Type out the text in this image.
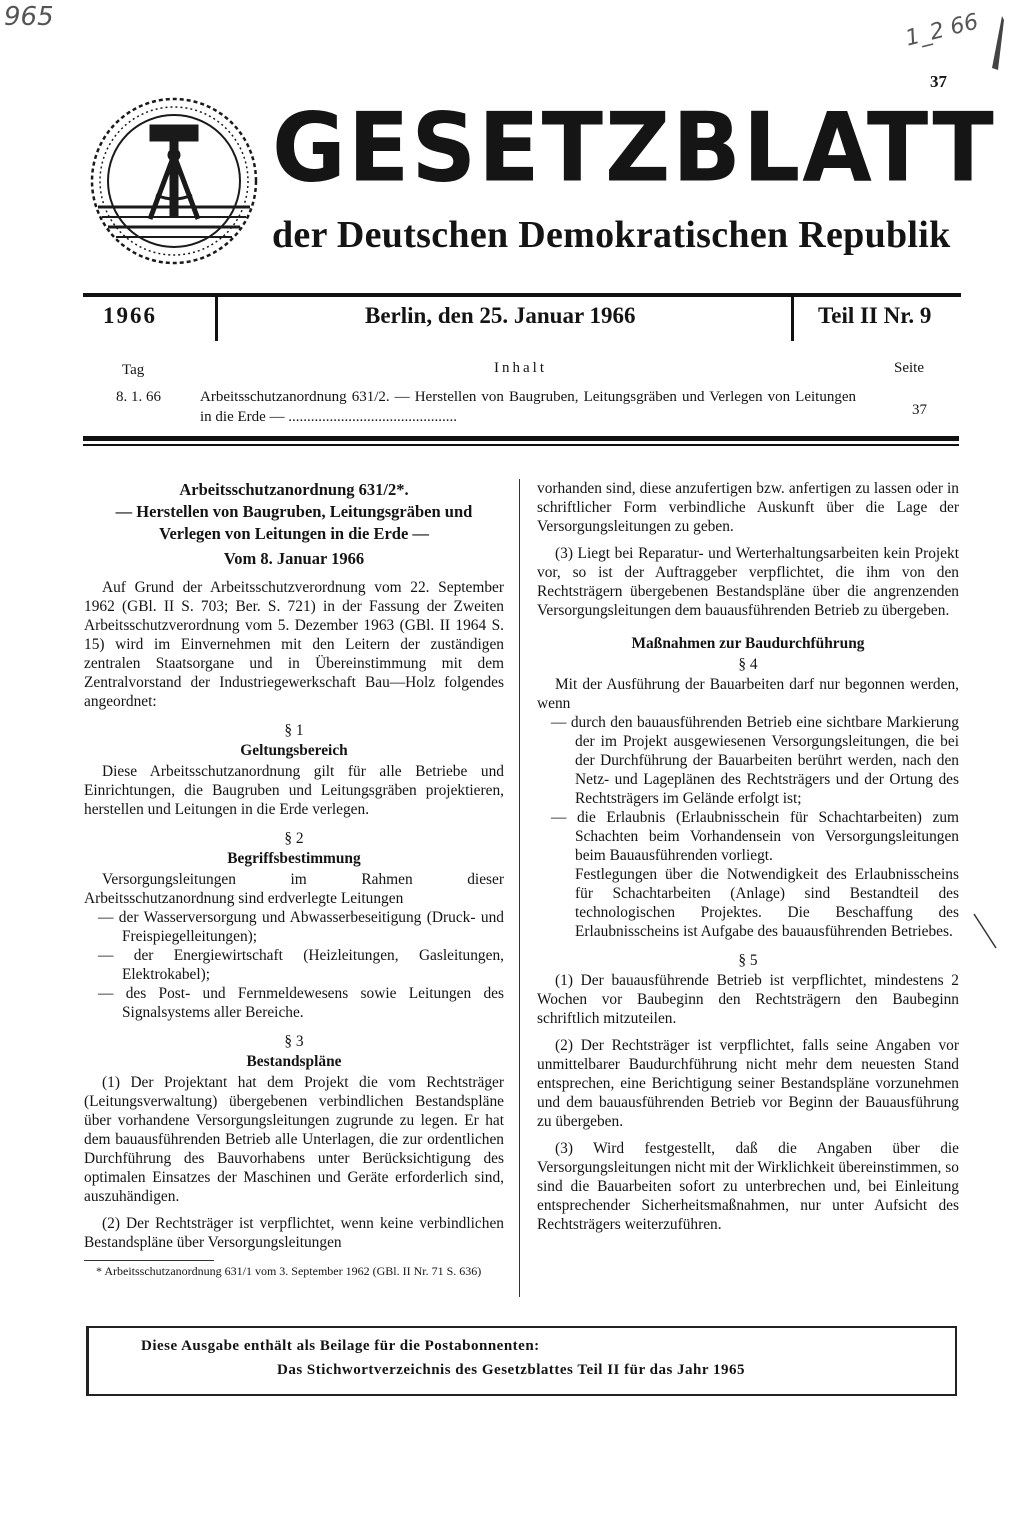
965	1_2 66
37
GESETZBLATT
der Deutschen Demokratischen Republik
1966	Berlin, den 25. Januar 1966	Teil II Nr. 9
Tag	Inhalt	Seite
8. 1. 66	Arbeitsschutzanordnung 631/2. — Herstellen von Baugruben, Leitungsgräben und Verlegen von Leitungen in die Erde — .............................................	37

Arbeitsschutzanordnung 631/2*.

— Herstellen von Baugruben, Leitungsgräben und Verlegen von Leitungen in die Erde —

Vom 8. Januar 1966

Auf Grund der Arbeitsschutzverordnung vom 22. September 1962 (GBl. II S. 703; Ber. S. 721) in der Fassung der Zweiten Arbeitsschutzverordnung vom 5. Dezember 1963 (GBl. II 1964 S. 15) wird im Einvernehmen mit den Leitern der zuständigen zentralen Staatsorgane und in Übereinstimmung mit dem Zentralvorstand der Industriegewerkschaft Bau—Holz folgendes angeordnet:

§ 1

Geltungsbereich

Diese Arbeitsschutzanordnung gilt für alle Betriebe und Einrichtungen, die Baugruben und Leitungsgräben projektieren, herstellen und Leitungen in die Erde verlegen.

§ 2

Begriffsbestimmung

Versorgungsleitungen im Rahmen dieser Arbeitsschutzanordnung sind erdverlegte Leitungen

— der Wasserversorgung und Abwasserbeseitigung (Druck- und Freispiegelleitungen);

— der Energiewirtschaft (Heizleitungen, Gasleitungen, Elektrokabel);

— des Post- und Fernmeldewesens sowie Leitungen des Signalsystems aller Bereiche.

§ 3

Bestandspläne

(1) Der Projektant hat dem Projekt die vom Rechtsträger (Leitungsverwaltung) übergebenen verbindlichen Bestandspläne über vorhandene Versorgungsleitungen zugrunde zu legen. Er hat dem bauausführenden Betrieb alle Unterlagen, die zur ordentlichen Durchführung des Bauvorhabens unter Berücksichtigung des optimalen Einsatzes der Maschinen und Geräte erforderlich sind, auszuhändigen.

(2) Der Rechtsträger ist verpflichtet, wenn keine verbindlichen Bestandspläne über Versorgungsleitungen

* Arbeitsschutzanordnung 631/1 vom 3. September 1962 (GBl. II Nr. 71 S. 636)

vorhanden sind, diese anzufertigen bzw. anfertigen zu lassen oder in schriftlicher Form verbindliche Auskunft über die Lage der Versorgungsleitungen zu geben.

(3) Liegt bei Reparatur- und Werterhaltungsarbeiten kein Projekt vor, so ist der Auftraggeber verpflichtet, die ihm von den Rechtsträgern übergebenen Bestandspläne über die angrenzenden Versorgungsleitungen dem bauausführenden Betrieb zu übergeben.

Maßnahmen zur Baudurchführung

§ 4

Mit der Ausführung der Bauarbeiten darf nur begonnen werden, wenn

— durch den bauausführenden Betrieb eine sichtbare Markierung der im Projekt ausgewiesenen Versorgungsleitungen, die bei der Durchführung der Bauarbeiten berührt werden, nach den Netz- und Lageplänen des Rechtsträgers und der Ortung des Rechtsträgers im Gelände erfolgt ist;

— die Erlaubnis (Erlaubnisschein für Schachtarbeiten) zum Schachten beim Vorhandensein von Versorgungsleitungen beim Bauausführenden vorliegt.

Festlegungen über die Notwendigkeit des Erlaubnisscheins für Schachtarbeiten (Anlage) sind Bestandteil des technologischen Projektes. Die Beschaffung des Erlaubnisscheins ist Aufgabe des bauausführenden Betriebes.

§ 5

(1) Der bauausführende Betrieb ist verpflichtet, mindestens 2 Wochen vor Baubeginn den Rechtsträgern den Baubeginn schriftlich mitzuteilen.

(2) Der Rechtsträger ist verpflichtet, falls seine Angaben vor unmittelbarer Baudurchführung nicht mehr dem neuesten Stand entsprechen, eine Berichtigung seiner Bestandspläne vorzunehmen und dem bauausführenden Betrieb vor Beginn der Bauausführung zu übergeben.

(3) Wird festgestellt, daß die Angaben über die Versorgungsleitungen nicht mit der Wirklichkeit übereinstimmen, so sind die Bauarbeiten sofort zu unterbrechen und, bei Einleitung entsprechender Sicherheitsmaßnahmen, nur unter Aufsicht des Rechtsträgers weiterzuführen.

Diese Ausgabe enthält als Beilage für die Postabonnenten:
Das Stichwortverzeichnis des Gesetzblattes Teil II für das Jahr 1965
